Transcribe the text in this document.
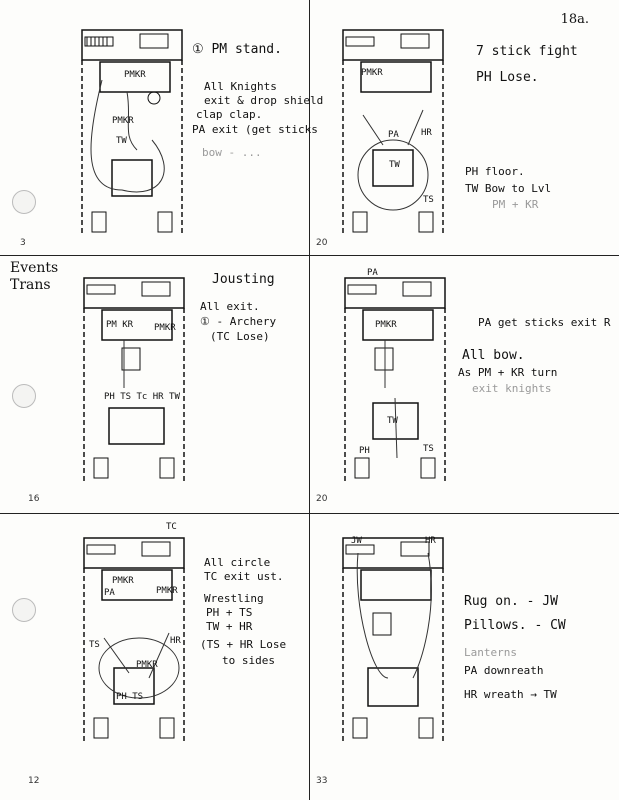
18a.
Events
Trans
PMKR
PMKR
TW
3
① PM stand.
All Knights
exit & drop shield
clap clap.
PA exit (get sticks
bow - ...
PMKR
PA
TW
HR
TS
20
7 stick fight
PH Lose.
PH floor.
TW Bow to Lvl
PM + KR
PM KR
PH TS Tc HR TW
PMKR
16
Jousting
All exit.
① - Archery
(TC Lose)
PA
PMKR
TW
PH	TS
20
PA get sticks exit R
All bow.
As PM + KR turn
exit knights
PMKR
PA	PMKR
HR
TS
PMKR
PH TS
TC
12
All circle
TC exit ust.
Wrestling
PH + TS
TW + HR
(TS + HR Lose
to sides
JW	HR
33
Rug on. - JW
Pillows. - CW
Lanterns
PA downreath
HR wreath → TW
